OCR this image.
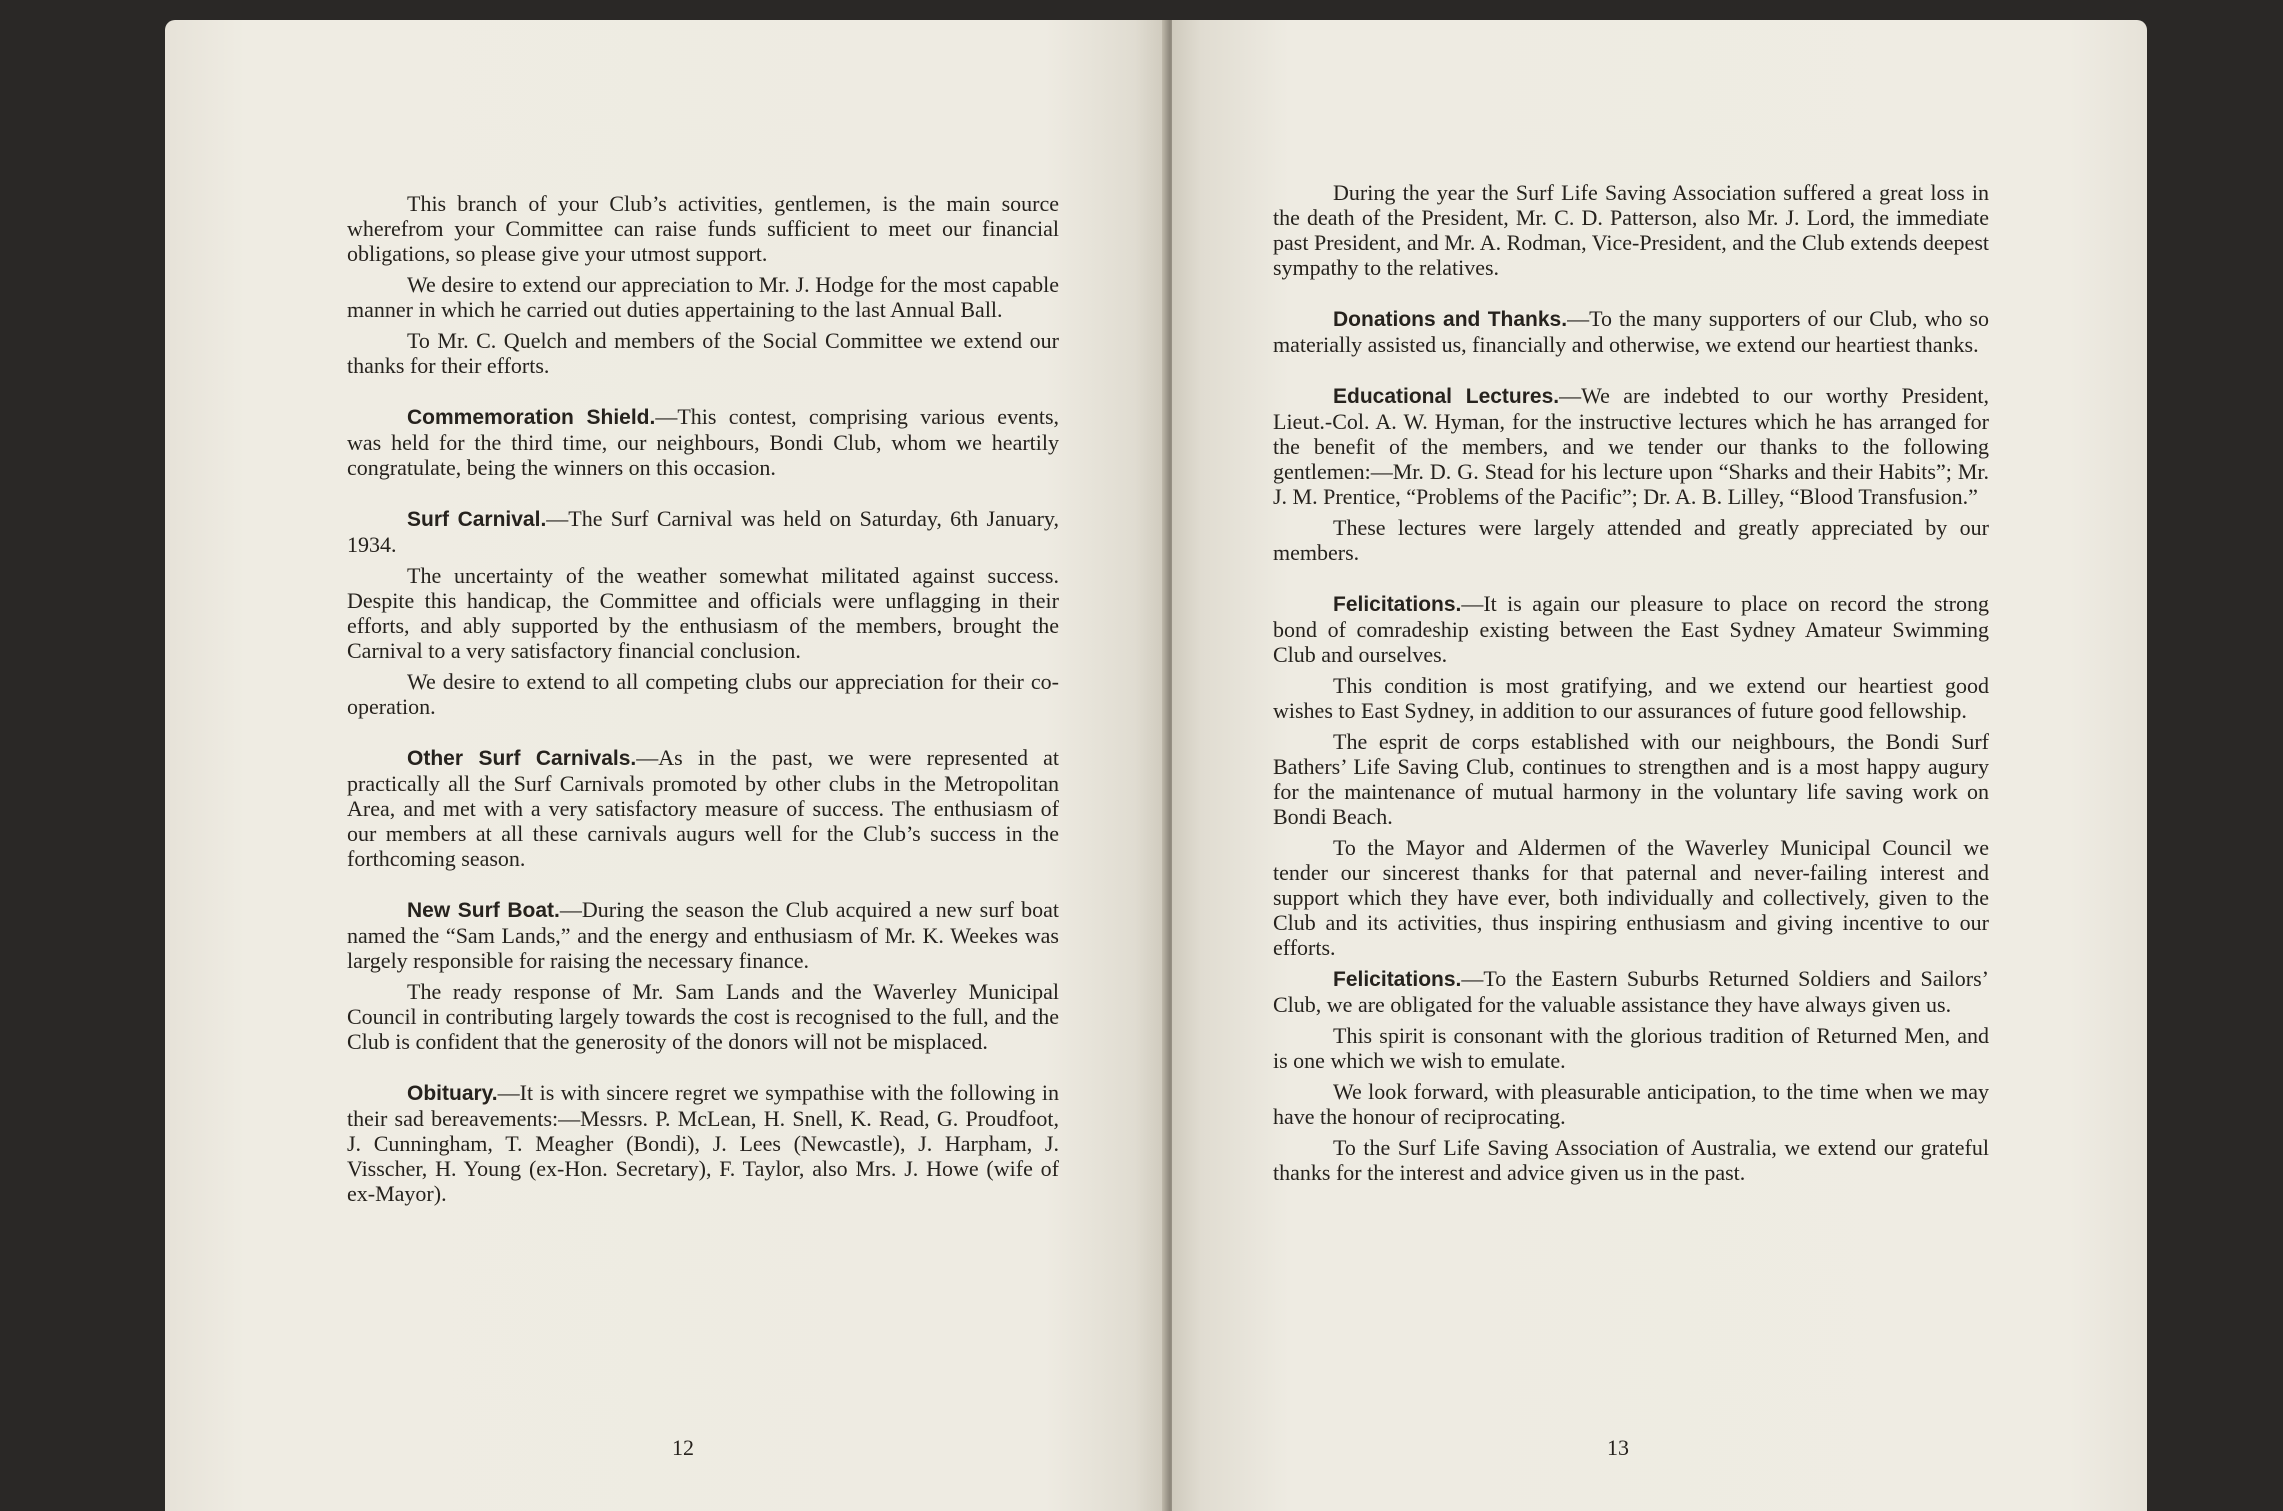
This branch of your Club’s activities, gentlemen, is the main source wherefrom your Committee can raise funds sufficient to meet our financial obligations, so please give your utmost support.

We desire to extend our appreciation to Mr. J. Hodge for the most capable manner in which he carried out duties appertaining to the last Annual Ball.

To Mr. C. Quelch and members of the Social Committee we extend our thanks for their efforts.

Commemoration Shield.—This contest, comprising various events, was held for the third time, our neighbours, Bondi Club, whom we heartily congratulate, being the winners on this occasion.

Surf Carnival.—The Surf Carnival was held on Saturday, 6th January, 1934.

The uncertainty of the weather somewhat militated against success. Despite this handicap, the Committee and officials were unflagging in their efforts, and ably supported by the enthusiasm of the members, brought the Carnival to a very satisfactory financial conclusion.

We desire to extend to all competing clubs our appreciation for their co-operation.

Other Surf Carnivals.—As in the past, we were represented at practically all the Surf Carnivals promoted by other clubs in the Metropolitan Area, and met with a very satisfactory measure of success. The enthusiasm of our members at all these carnivals augurs well for the Club’s success in the forthcoming season.

New Surf Boat.—During the season the Club acquired a new surf boat named the “Sam Lands,” and the energy and enthusiasm of Mr. K. Weekes was largely responsible for raising the necessary finance.

The ready response of Mr. Sam Lands and the Waverley Municipal Council in contributing largely towards the cost is recognised to the full, and the Club is confident that the generosity of the donors will not be misplaced.

Obituary.—It is with sincere regret we sympathise with the following in their sad bereavements:—Messrs. P. McLean, H. Snell, K. Read, G. Proudfoot, J. Cunningham, T. Meagher (Bondi), J. Lees (Newcastle), J. Harpham, J. Visscher, H. Young (ex-Hon. Secretary), F. Taylor, also Mrs. J. Howe (wife of ex-Mayor).

12

During the year the Surf Life Saving Association suffered a great loss in the death of the President, Mr. C. D. Patterson, also Mr. J. Lord, the immediate past President, and Mr. A. Rodman, Vice-President, and the Club extends deepest sympathy to the relatives.

Donations and Thanks.—To the many supporters of our Club, who so materially assisted us, financially and otherwise, we extend our heartiest thanks.

Educational Lectures.—We are indebted to our worthy President, Lieut.-Col. A. W. Hyman, for the instructive lectures which he has arranged for the benefit of the members, and we tender our thanks to the following gentlemen:—Mr. D. G. Stead for his lecture upon “Sharks and their Habits”; Mr. J. M. Prentice, “Problems of the Pacific”; Dr. A. B. Lilley, “Blood Transfusion.”

These lectures were largely attended and greatly appreciated by our members.

Felicitations.—It is again our pleasure to place on record the strong bond of comradeship existing between the East Sydney Amateur Swimming Club and ourselves.

This condition is most gratifying, and we extend our heartiest good wishes to East Sydney, in addition to our assurances of future good fellowship.

The esprit de corps established with our neighbours, the Bondi Surf Bathers’ Life Saving Club, continues to strengthen and is a most happy augury for the maintenance of mutual harmony in the voluntary life saving work on Bondi Beach.

To the Mayor and Aldermen of the Waverley Municipal Council we tender our sincerest thanks for that paternal and never-failing interest and support which they have ever, both individually and collectively, given to the Club and its activities, thus inspiring enthusiasm and giving incentive to our efforts.

Felicitations.—To the Eastern Suburbs Returned Soldiers and Sailors’ Club, we are obligated for the valuable assistance they have always given us.

This spirit is consonant with the glorious tradition of Returned Men, and is one which we wish to emulate.

We look forward, with pleasurable anticipation, to the time when we may have the honour of reciprocating.

To the Surf Life Saving Association of Australia, we extend our grateful thanks for the interest and advice given us in the past.

13
